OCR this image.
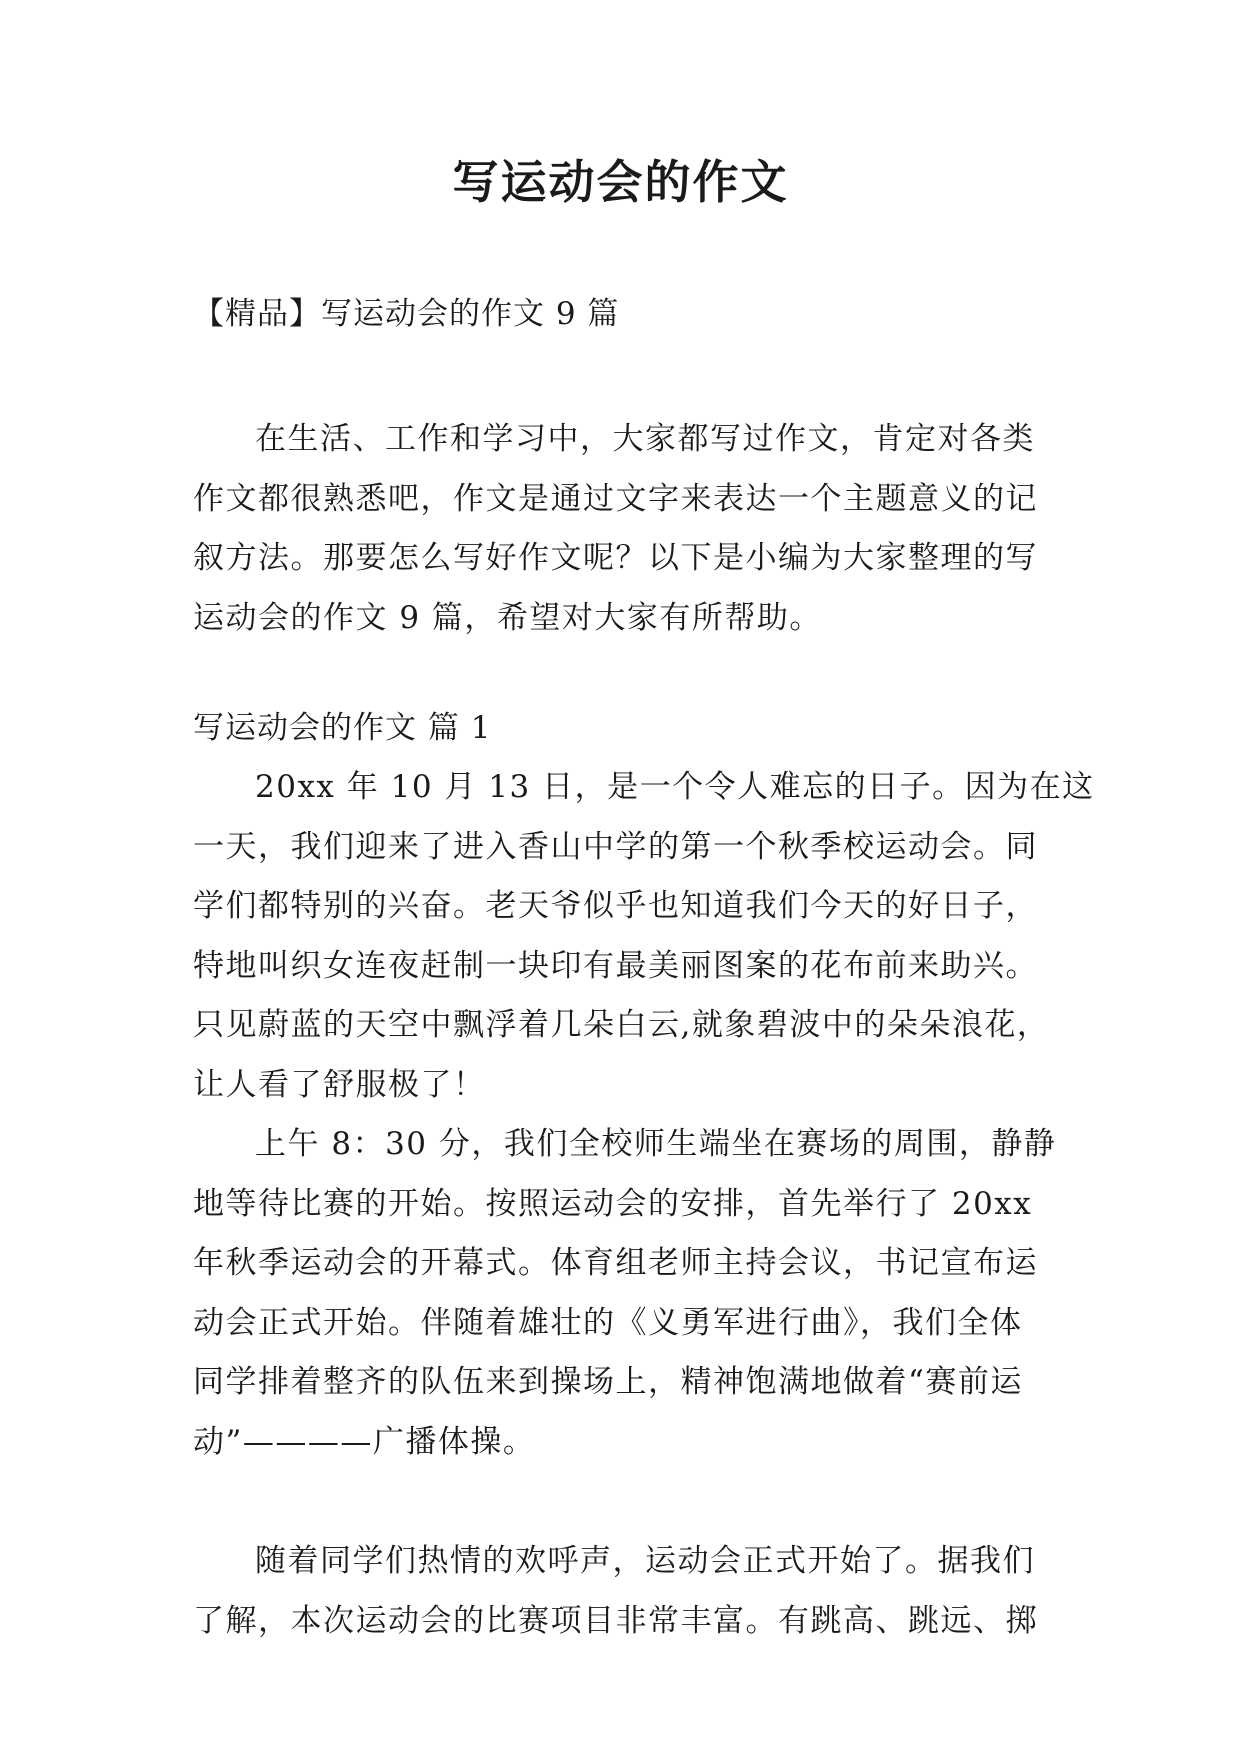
写运动会的作文

【精品】写运动会的作文 9 篇

在生活、工作和学习中，大家都写过作文，肯定对各类
作文都很熟悉吧，作文是通过文字来表达一个主题意义的记
叙方法。那要怎么写好作文呢？以下是小编为大家整理的写
运动会的作文 9 篇，希望对大家有所帮助。

写运动会的作文 篇 1

20xx 年 10 月 13 日，是一个令人难忘的日子。因为在这
一天，我们迎来了进入香山中学的第一个秋季校运动会。同
学们都特别的兴奋。老天爷似乎也知道我们今天的好日子，
特地叫织女连夜赶制一块印有最美丽图案的花布前来助兴。
只见蔚蓝的天空中飘浮着几朵白云,就象碧波中的朵朵浪花，
让人看了舒服极了！
上午 8：30 分，我们全校师生端坐在赛场的周围，静静
地等待比赛的开始。按照运动会的安排，首先举行了 20xx
年秋季运动会的开幕式。体育组老师主持会议，书记宣布运
动会正式开始。伴随着雄壮的《义勇军进行曲》，我们全体
同学排着整齐的队伍来到操场上，精神饱满地做着“赛前运
动”————广播体操。
随着同学们热情的欢呼声，运动会正式开始了。据我们
了解，本次运动会的比赛项目非常丰富。有跳高、跳远、掷
